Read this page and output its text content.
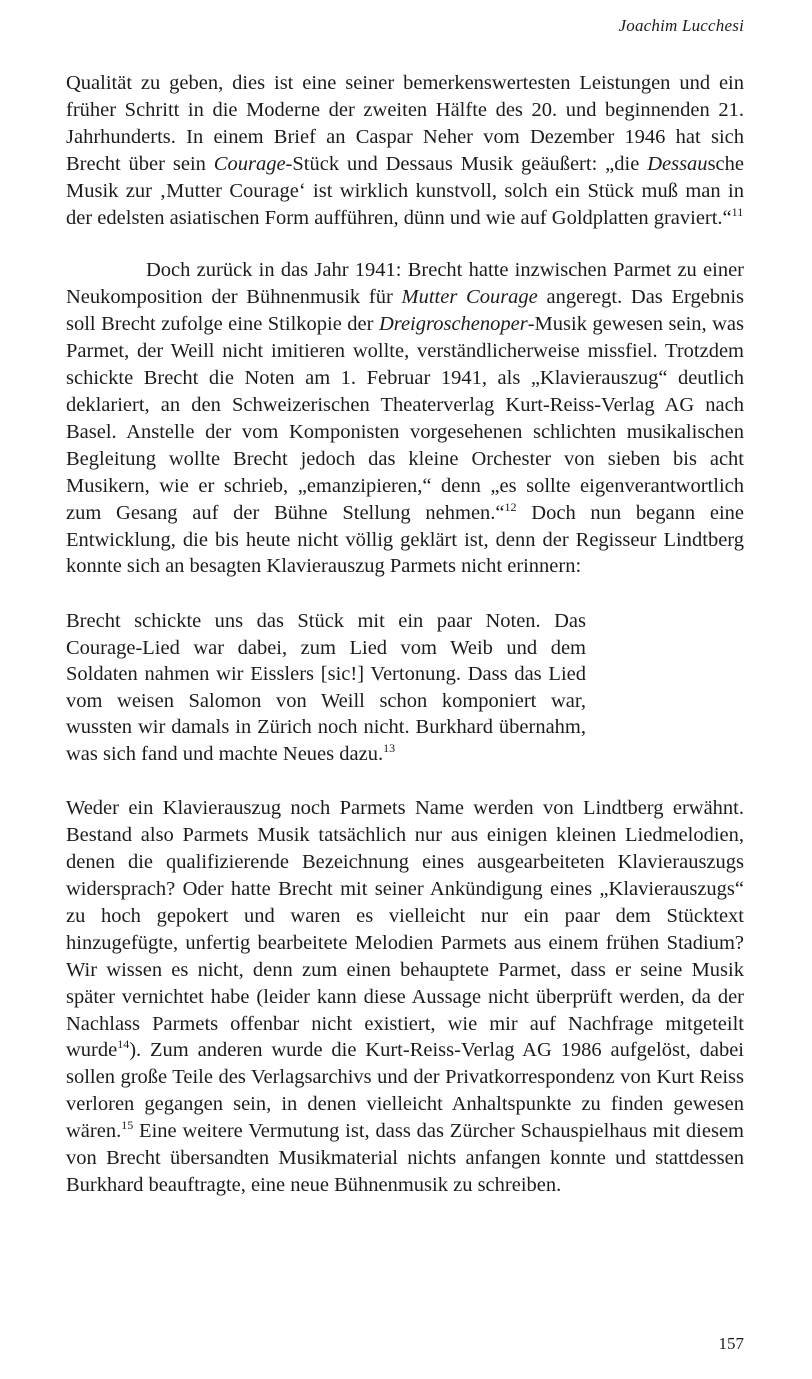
Joachim Lucchesi

Qualität zu geben, dies ist eine seiner bemerkenswertesten Leistungen und ein früher Schritt in die Moderne der zweiten Hälfte des 20. und beginnenden 21. Jahrhunderts. In einem Brief an Caspar Neher vom Dezember 1946 hat sich Brecht über sein Courage-Stück und Dessaus Musik geäußert: „die Dessausche Musik zur ‚Mutter Courage‘ ist wirklich kunstvoll, solch ein Stück muß man in der edelsten asiatischen Form aufführen, dünn und wie auf Goldplatten graviert.“$^{11}$

Doch zurück in das Jahr 1941: Brecht hatte inzwischen Parmet zu einer Neukomposition der Bühnenmusik für Mutter Courage angeregt. Das Ergebnis soll Brecht zufolge eine Stilkopie der Dreigroschenoper-Musik gewesen sein, was Parmet, der Weill nicht imitieren wollte, verständlicherweise missfiel. Trotzdem schickte Brecht die Noten am 1. Februar 1941, als „Klavierauszug“ deutlich deklariert, an den Schweizerischen Theaterverlag Kurt-Reiss-Verlag AG nach Basel. Anstelle der vom Komponisten vorgesehenen schlichten musikalischen Begleitung wollte Brecht jedoch das kleine Orchester von sieben bis acht Musikern, wie er schrieb, „emanzipieren,“ denn „es sollte eigenverantwortlich zum Gesang auf der Bühne Stellung nehmen.“$^{12}$ Doch nun begann eine Entwicklung, die bis heute nicht völlig geklärt ist, denn der Regisseur Lindtberg konnte sich an besagten Klavierauszug Parmets nicht erinnern:

Brecht schickte uns das Stück mit ein paar Noten. Das Courage-Lied war dabei, zum Lied vom Weib und dem Soldaten nahmen wir Eisslers [sic!] Vertonung. Dass das Lied vom weisen Salomon von Weill schon komponiert war, wussten wir damals in Zürich noch nicht. Burkhard übernahm, was sich fand und machte Neues dazu.$^{13}$

Weder ein Klavierauszug noch Parmets Name werden von Lindtberg erwähnt. Bestand also Parmets Musik tatsächlich nur aus einigen kleinen Liedmelodien, denen die qualifizierende Bezeichnung eines ausgearbeiteten Klavierauszugs widersprach? Oder hatte Brecht mit seiner Ankündigung eines „Klavierauszugs“ zu hoch gepokert und waren es vielleicht nur ein paar dem Stücktext hinzugefügte, unfertig bearbeitete Melodien Parmets aus einem frühen Stadium? Wir wissen es nicht, denn zum einen behauptete Parmet, dass er seine Musik später vernichtet habe (leider kann diese Aussage nicht überprüft werden, da der Nachlass Parmets offenbar nicht existiert, wie mir auf Nachfrage mitgeteilt wurde$^{14}$). Zum anderen wurde die Kurt-Reiss-Verlag AG 1986 aufgelöst, dabei sollen große Teile des Verlagsarchivs und der Privatkorrespondenz von Kurt Reiss verloren gegangen sein, in denen vielleicht Anhaltspunkte zu finden gewesen wären.$^{15}$ Eine weitere Vermutung ist, dass das Zürcher Schauspielhaus mit diesem von Brecht übersandten Musikmaterial nichts anfangen konnte und stattdessen Burkhard beauftragte, eine neue Bühnenmusik zu schreiben.

157
